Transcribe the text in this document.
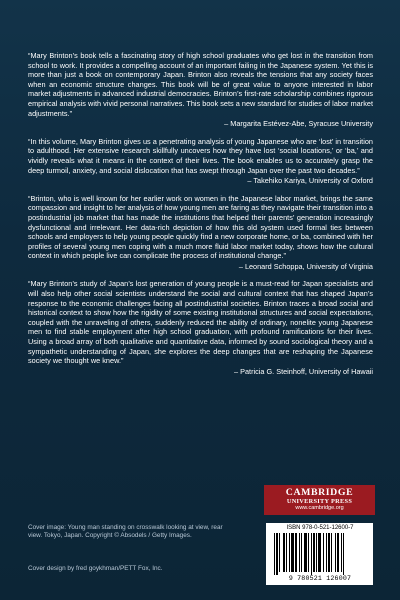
“Mary Brinton’s book tells a fascinating story of high school graduates who get lost in the transition from school to work. It provides a compelling account of an important failing in the Japanese system. Yet this is more than just a book on contemporary Japan. Brinton also reveals the tensions that any society faces when an economic structure changes. This book will be of great value to anyone interested in labor market adjustments in advanced industrial democracies. Brinton’s first-rate scholarship combines rigorous empirical analysis with vivid personal narratives. This book sets a new standard for studies of labor market adjustments.”

– Margarita Estévez-Abe, Syracuse University

“In this volume, Mary Brinton gives us a penetrating analysis of young Japanese who are ‘lost’ in transition to adulthood. Her extensive research skillfully uncovers how they have lost ‘social locations,’ or ‘ba,’ and vividly reveals what it means in the context of their lives. The book enables us to accurately grasp the deep turmoil, anxiety, and social dislocation that has swept through Japan over the past two decades.”

– Takehiko Kariya, University of Oxford

“Brinton, who is well known for her earlier work on women in the Japanese labor market, brings the same compassion and insight to her analysis of how young men are faring as they navigate their transition into a postindustrial job market that has made the institutions that helped their parents’ generation increasingly dysfunctional and irrelevant. Her data-rich depiction of how this old system used formal ties between schools and employers to help young people quickly find a new corporate home, or ba, combined with her profiles of several young men coping with a much more fluid labor market today, shows how the cultural context in which people live can complicate the process of institutional change.”

– Leonard Schoppa, University of Virginia

“Mary Brinton’s study of Japan’s lost generation of young people is a must-read for Japan specialists and will also help other social scientists understand the social and cultural context that has shaped Japan’s response to the economic challenges facing all postindustrial societies. Brinton traces a broad social and historical context to show how the rigidity of some existing institutional structures and social expectations, coupled with the unraveling of others, suddenly reduced the ability of ordinary, nonelite young Japanese men to find stable employment after high school graduation, with profound ramifications for their lives. Using a broad array of both qualitative and quantitative data, informed by sound sociological theory and a sympathetic understanding of Japan, she explores the deep changes that are reshaping the Japanese society we thought we knew.”

– Patricia G. Steinhoff, University of Hawaii

CAMBRIDGE
UNIVERSITY PRESS
www.cambridge.org
Cover image: Young man standing on crosswalk looking at view, rear view. Tokyo, Japan. Copyright © Absodels / Getty Images.
Cover design by fred goykhman/PETT Fox, Inc.
ISBN 978-0-521-12600-7
9 780521 126007
